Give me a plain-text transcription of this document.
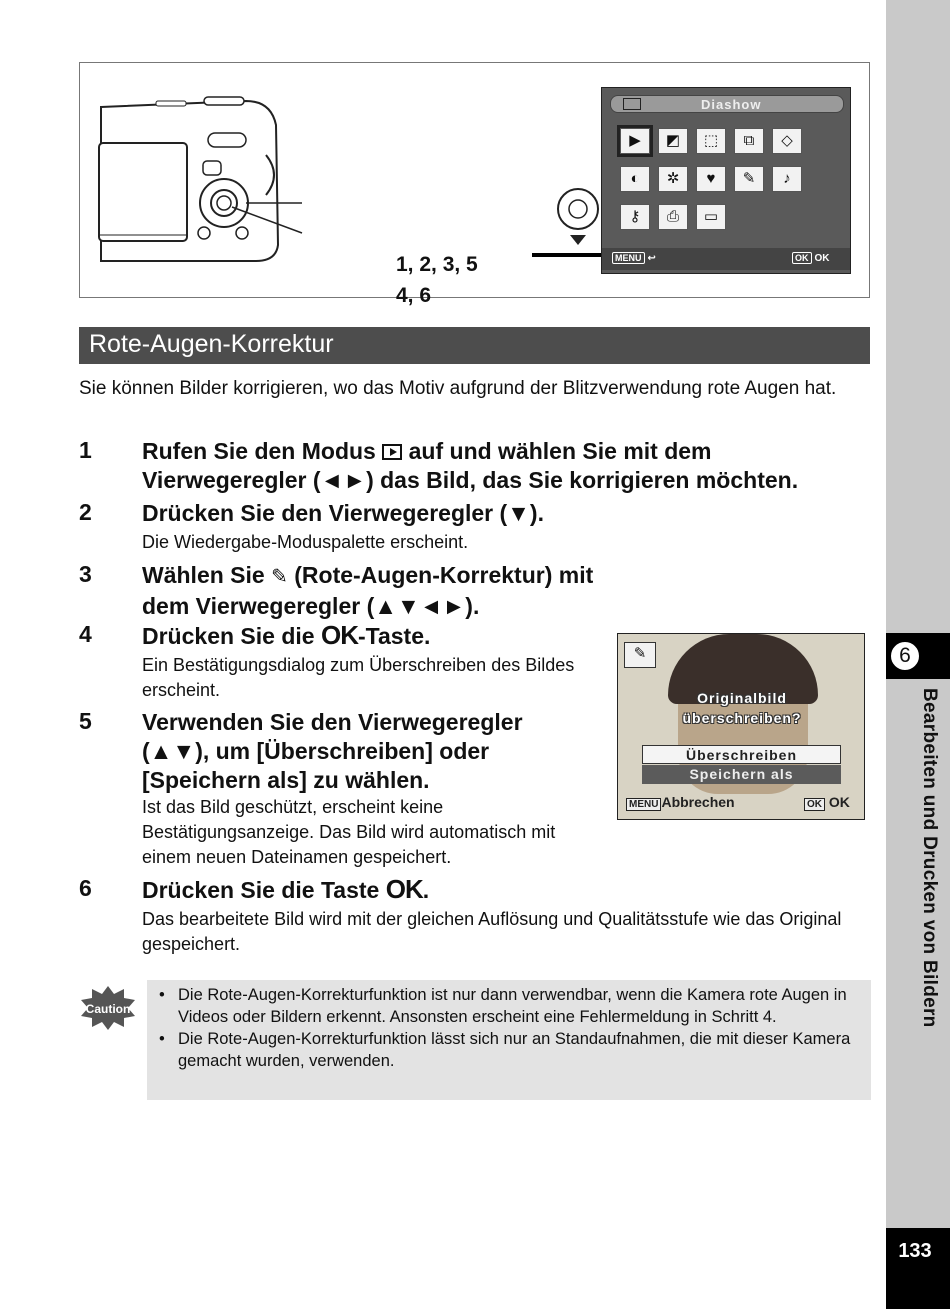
6
Bearbeiten und Drucken von Bildern
133
1, 2, 3, 5
4, 6
Diashow
▶	◩	⬚	⧉	◇
◐	✲	♥	✎	♪
⚷	⎙	▭
MENU ↩	OK OK
Rote-Augen-Korrektur
Sie können Bilder korrigieren, wo das Motiv aufgrund der Blitzverwendung rote Augen hat.
1 Rufen Sie den Modus auf und wählen Sie mit dem
Vierwegeregler (◄►) das Bild, das Sie korrigieren möchten.
2 Drücken Sie den Vierwegeregler (▼).
Die Wiedergabe-Moduspalette erscheint.
3 Wählen Sie ✎ (Rote-Augen-Korrektur) mit
dem Vierwegeregler (▲▼◄►).
4 Drücken Sie die OK-Taste.
Ein Bestätigungsdialog zum Überschreiben des Bildes erscheint.
5 Verwenden Sie den Vierwegeregler (▲▼), um [Überschreiben] oder [Speichern als] zu wählen.
Ist das Bild geschützt, erscheint keine Bestätigungsanzeige. Das Bild wird automatisch mit einem neuen Dateinamen gespeichert.
6 Drücken Sie die Taste OK.
Das bearbeitete Bild wird mit der gleichen Auflösung und Qualitätsstufe wie das Original gespeichert.
✎
Originalbild
überschreiben?
Überschreiben
Speichern als
MENU Abbrechen	OK OK
Caution
• Die Rote-Augen-Korrekturfunktion ist nur dann verwendbar, wenn die Kamera rote Augen in Videos oder Bildern erkennt. Ansonsten erscheint eine Fehlermeldung in Schritt 4.
• Die Rote-Augen-Korrekturfunktion lässt sich nur an Standaufnahmen, die mit dieser Kamera gemacht wurden, verwenden.
